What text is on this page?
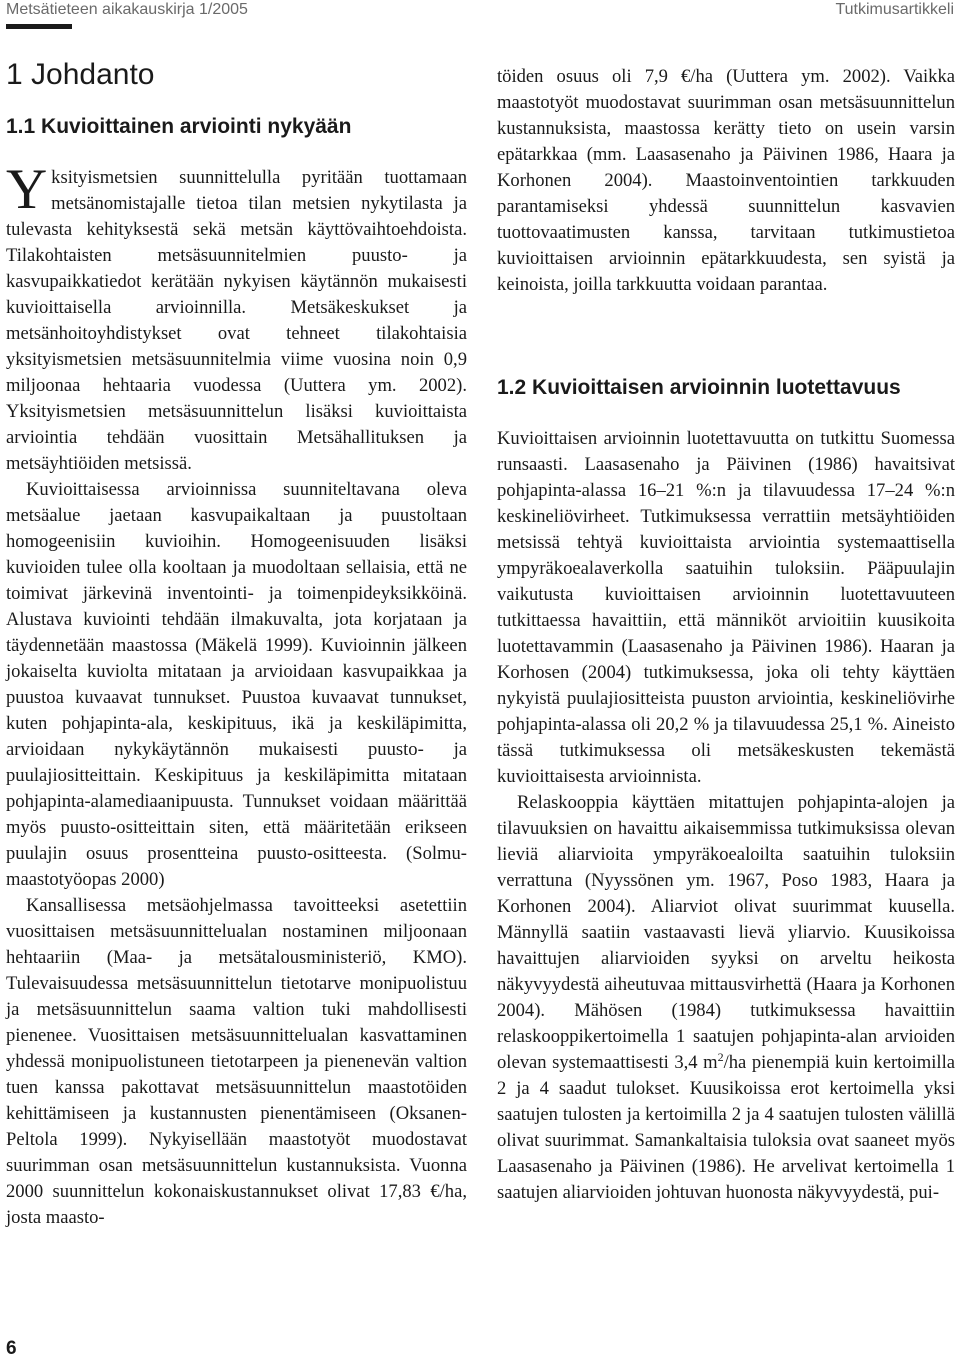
Metsätieteen aikakauskirja 1/2005	Tutkimusartikkeli
1 Johdanto
1.1 Kuvioittainen arviointi nykyään

Yksityismetsien suunnittelulla pyritään tuottamaan metsänomistajalle tietoa tilan metsien nykytilasta ja tulevasta kehityksestä sekä metsän käyttövaihtoehdoista. Tilakohtaisten metsäsuunnitelmien puusto- ja kasvupaikkatiedot kerätään nykyisen käytännön mukaisesti kuvioittaisella arvioinnilla. Metsäkeskukset ja metsänhoitoyhdistykset ovat tehneet tilakohtaisia yksityismetsien metsäsuunnitelmia viime vuosina noin 0,9 miljoonaa hehtaaria vuodessa (Uuttera ym. 2002). Yksityismetsien metsäsuunnittelun lisäksi kuvioittaista arviointia tehdään vuosittain Metsähallituksen ja metsäyhtiöiden metsissä.

Kuvioittaisessa arvioinnissa suunniteltavana oleva metsäalue jaetaan kasvupaikaltaan ja puustoltaan homogeenisiin kuvioihin. Homogeenisuuden lisäksi kuvioiden tulee olla kooltaan ja muodoltaan sellaisia, että ne toimivat järkevinä inventointi- ja toimenpideyksikköinä. Alustava kuviointi tehdään ilmakuvalta, jota korjataan ja täydennetään maastossa (Mäkelä 1999). Kuvioinnin jälkeen jokaiselta kuviolta mitataan ja arvioidaan kasvupaikkaa ja puustoa kuvaavat tunnukset. Puustoa kuvaavat tunnukset, kuten pohjapinta-ala, keskipituus, ikä ja keskiläpimitta, arvioidaan nykykäytännön mukaisesti puusto- ja puulajiositteittain. Keskipituus ja keskiläpimitta mitataan pohjapinta-alamediaanipuusta. Tunnukset voidaan määrittää myös puusto-ositteittain siten, että määritetään erikseen puulajin osuus prosentteina puusto-ositteesta. (Solmu-maastotyöopas 2000)

Kansallisessa metsäohjelmassa tavoitteeksi asetettiin vuosittaisen metsäsuunnittelualan nostaminen miljoonaan hehtaariin (Maa- ja metsätalousministeriö, KMO). Tulevaisuudessa metsäsuunnittelun tietotarve monipuolistuu ja metsäsuunnittelun saama valtion tuki mahdollisesti pienenee. Vuosittaisen metsäsuunnittelualan kasvattaminen yhdessä monipuolistuneen tietotarpeen ja pienenevän valtion tuen kanssa pakottavat metsäsuunnittelun maastotöiden kehittämiseen ja kustannusten pienentämiseen (Oksanen-Peltola 1999). Nykyisellään maastotyöt muodostavat suurimman osan metsäsuunnittelun kustannuksista. Vuonna 2000 suunnittelun kokonaiskustannukset olivat 17,83 €/ha, josta maasto-

töiden osuus oli 7,9 €/ha (Uuttera ym. 2002). Vaikka maastotyöt muodostavat suurimman osan metsäsuunnittelun kustannuksista, maastossa kerätty tieto on usein varsin epätarkkaa (mm. Laasasenaho ja Päivinen 1986, Haara ja Korhonen 2004). Maastoinventointien tarkkuuden parantamiseksi yhdessä suunnittelun kasvavien tuottovaatimusten kanssa, tarvitaan tutkimustietoa kuvioittaisen arvioinnin epätarkkuudesta, sen syistä ja keinoista, joilla tarkkuutta voidaan parantaa.

1.2 Kuvioittaisen arvioinnin luotettavuus

Kuvioittaisen arvioinnin luotettavuutta on tutkittu Suomessa runsaasti. Laasasenaho ja Päivinen (1986) havaitsivat pohjapinta-alassa 16–21 %:n ja tilavuudessa 17–24 %:n keskineliövirheet. Tutkimuksessa verrattiin metsäyhtiöiden metsissä tehtyä kuvioittaista arviointia systemaattisella ympyräkoealaverkolla saatuihin tuloksiin. Pääpuulajin vaikutusta kuvioittaisen arvioinnin luotettavuuteen tutkittaessa havaittiin, että männiköt arvioitiin kuusikoita luotettavammin (Laasasenaho ja Päivinen 1986). Haaran ja Korhosen (2004) tutkimuksessa, joka oli tehty käyttäen nykyistä puulajiositteista puuston arviointia, keskineliövirhe pohjapinta-alassa oli 20,2 % ja tilavuudessa 25,1 %. Aineisto tässä tutkimuksessa oli metsäkeskusten tekemästä kuvioittaisesta arvioinnista.

Relaskooppia käyttäen mitattujen pohjapinta-alojen ja tilavuuksien on havaittu aikaisemmissa tutkimuksissa olevan lieviä aliarvioita ympyräkoealoilta saatuihin tuloksiin verrattuna (Nyyssönen ym. 1967, Poso 1983, Haara ja Korhonen 2004). Aliarviot olivat suurimmat kuusella. Männyllä saatiin vastaavasti lievä yliarvio. Kuusikoissa havaittujen aliarvioiden syyksi on arveltu heikosta näkyvyydestä aiheutuvaa mittausvirhettä (Haara ja Korhonen 2004). Mähösen (1984) tutkimuksessa havaittiin relaskooppikertoimella 1 saatujen pohjapinta-alan arvioiden olevan systemaattisesti 3,4 $m^2/ha$ pienempiä kuin kertoimilla 2 ja 4 saadut tulokset. Kuusikoissa erot kertoimella yksi saatujen tulosten ja kertoimilla 2 ja 4 saatujen tulosten välillä olivat suurimmat. Samankaltaisia tuloksia ovat saaneet myös Laasasenaho ja Päivinen (1986). He arvelivat kertoimella 1 saatujen aliarvioiden johtuvan huonosta näkyvyydestä, pui-

6
